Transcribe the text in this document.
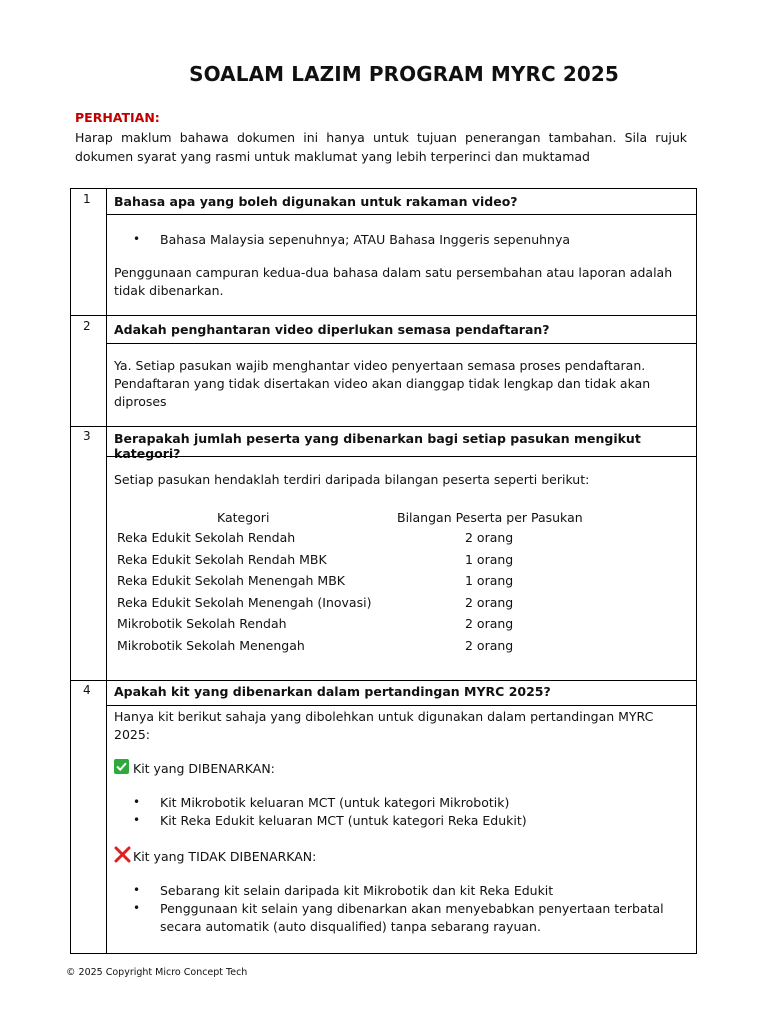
SOALAM LAZIM PROGRAM MYRC 2025
PERHATIAN:
Harap maklum bahawa dokumen ini hanya untuk tujuan penerangan tambahan. Sila rujuk dokumen syarat yang rasmi untuk maklumat yang lebih terperinci dan muktamad
1 Bahasa apa yang boleh digunakan untuk rakaman video?
• Bahasa Malaysia sepenuhnya; ATAU Bahasa Inggeris sepenuhnya
Penggunaan campuran kedua-dua bahasa dalam satu persembahan atau laporan adalah tidak dibenarkan.
2 Adakah penghantaran video diperlukan semasa pendaftaran?
Ya. Setiap pasukan wajib menghantar video penyertaan semasa proses pendaftaran. Pendaftaran yang tidak disertakan video akan dianggap tidak lengkap dan tidak akan diproses
3 Berapakah jumlah peserta yang dibenarkan bagi setiap pasukan mengikut kategori?
Setiap pasukan hendaklah terdiri daripada bilangan peserta seperti berikut:
Kategori	Bilangan Peserta per Pasukan
Reka Edukit Sekolah Rendah	2 orang
Reka Edukit Sekolah Rendah MBK	1 orang
Reka Edukit Sekolah Menengah MBK	1 orang
Reka Edukit Sekolah Menengah (Inovasi)	2 orang
Mikrobotik Sekolah Rendah	2 orang
Mikrobotik Sekolah Menengah	2 orang
4 Apakah kit yang dibenarkan dalam pertandingan MYRC 2025?
Hanya kit berikut sahaja yang dibolehkan untuk digunakan dalam pertandingan MYRC 2025:
Kit yang DIBENARKAN:
• Kit Mikrobotik keluaran MCT (untuk kategori Mikrobotik)
• Kit Reka Edukit keluaran MCT (untuk kategori Reka Edukit)
Kit yang TIDAK DIBENARKAN:
• Sebarang kit selain daripada kit Mikrobotik dan kit Reka Edukit
• Penggunaan kit selain yang dibenarkan akan menyebabkan penyertaan terbatal secara automatik (auto disqualified) tanpa sebarang rayuan.
© 2025 Copyright Micro Concept Tech
